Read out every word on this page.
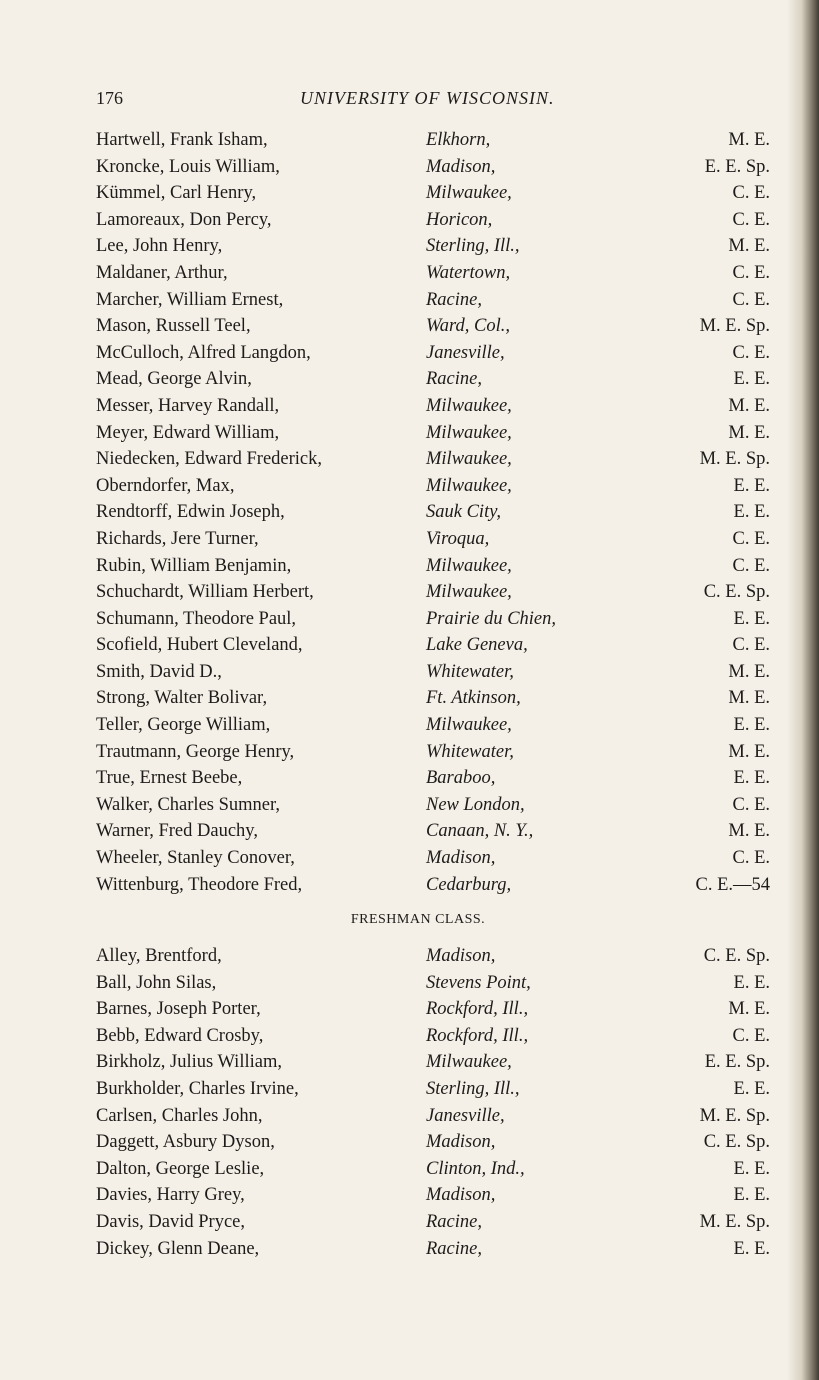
176	UNIVERSITY OF WISCONSIN.
Hartwell, Frank Isham,	Elkhorn,	M. E.
Kroncke, Louis William,	Madison,	E. E. Sp.
Kümmel, Carl Henry,	Milwaukee,	C. E.
Lamoreaux, Don Percy,	Horicon,	C. E.
Lee, John Henry,	Sterling, Ill.,	M. E.
Maldaner, Arthur,	Watertown,	C. E.
Marcher, William Ernest,	Racine,	C. E.
Mason, Russell Teel,	Ward, Col.,	M. E. Sp.
McCulloch, Alfred Langdon,	Janesville,	C. E.
Mead, George Alvin,	Racine,	E. E.
Messer, Harvey Randall,	Milwaukee,	M. E.
Meyer, Edward William,	Milwaukee,	M. E.
Niedecken, Edward Frederick,	Milwaukee,	M. E. Sp.
Oberndorfer, Max,	Milwaukee,	E. E.
Rendtorff, Edwin Joseph,	Sauk City,	E. E.
Richards, Jere Turner,	Viroqua,	C. E.
Rubin, William Benjamin,	Milwaukee,	C. E.
Schuchardt, William Herbert,	Milwaukee,	C. E. Sp.
Schumann, Theodore Paul,	Prairie du Chien,	E. E.
Scofield, Hubert Cleveland,	Lake Geneva,	C. E.
Smith, David D.,	Whitewater,	M. E.
Strong, Walter Bolivar,	Ft. Atkinson,	M. E.
Teller, George William,	Milwaukee,	E. E.
Trautmann, George Henry,	Whitewater,	M. E.
True, Ernest Beebe,	Baraboo,	E. E.
Walker, Charles Sumner,	New London,	C. E.
Warner, Fred Dauchy,	Canaan, N. Y.,	M. E.
Wheeler, Stanley Conover,	Madison,	C. E.
Wittenburg, Theodore Fred,	Cedarburg,	C. E.—54
FRESHMAN CLASS.
Alley, Brentford,	Madison,	C. E. Sp.
Ball, John Silas,	Stevens Point,	E. E.
Barnes, Joseph Porter,	Rockford, Ill.,	M. E.
Bebb, Edward Crosby,	Rockford, Ill.,	C. E.
Birkholz, Julius William,	Milwaukee,	E. E. Sp.
Burkholder, Charles Irvine,	Sterling, Ill.,	E. E.
Carlsen, Charles John,	Janesville,	M. E. Sp.
Daggett, Asbury Dyson,	Madison,	C. E. Sp.
Dalton, George Leslie,	Clinton, Ind.,	E. E.
Davies, Harry Grey,	Madison,	E. E.
Davis, David Pryce,	Racine,	M. E. Sp.
Dickey, Glenn Deane,	Racine,	E. E.
